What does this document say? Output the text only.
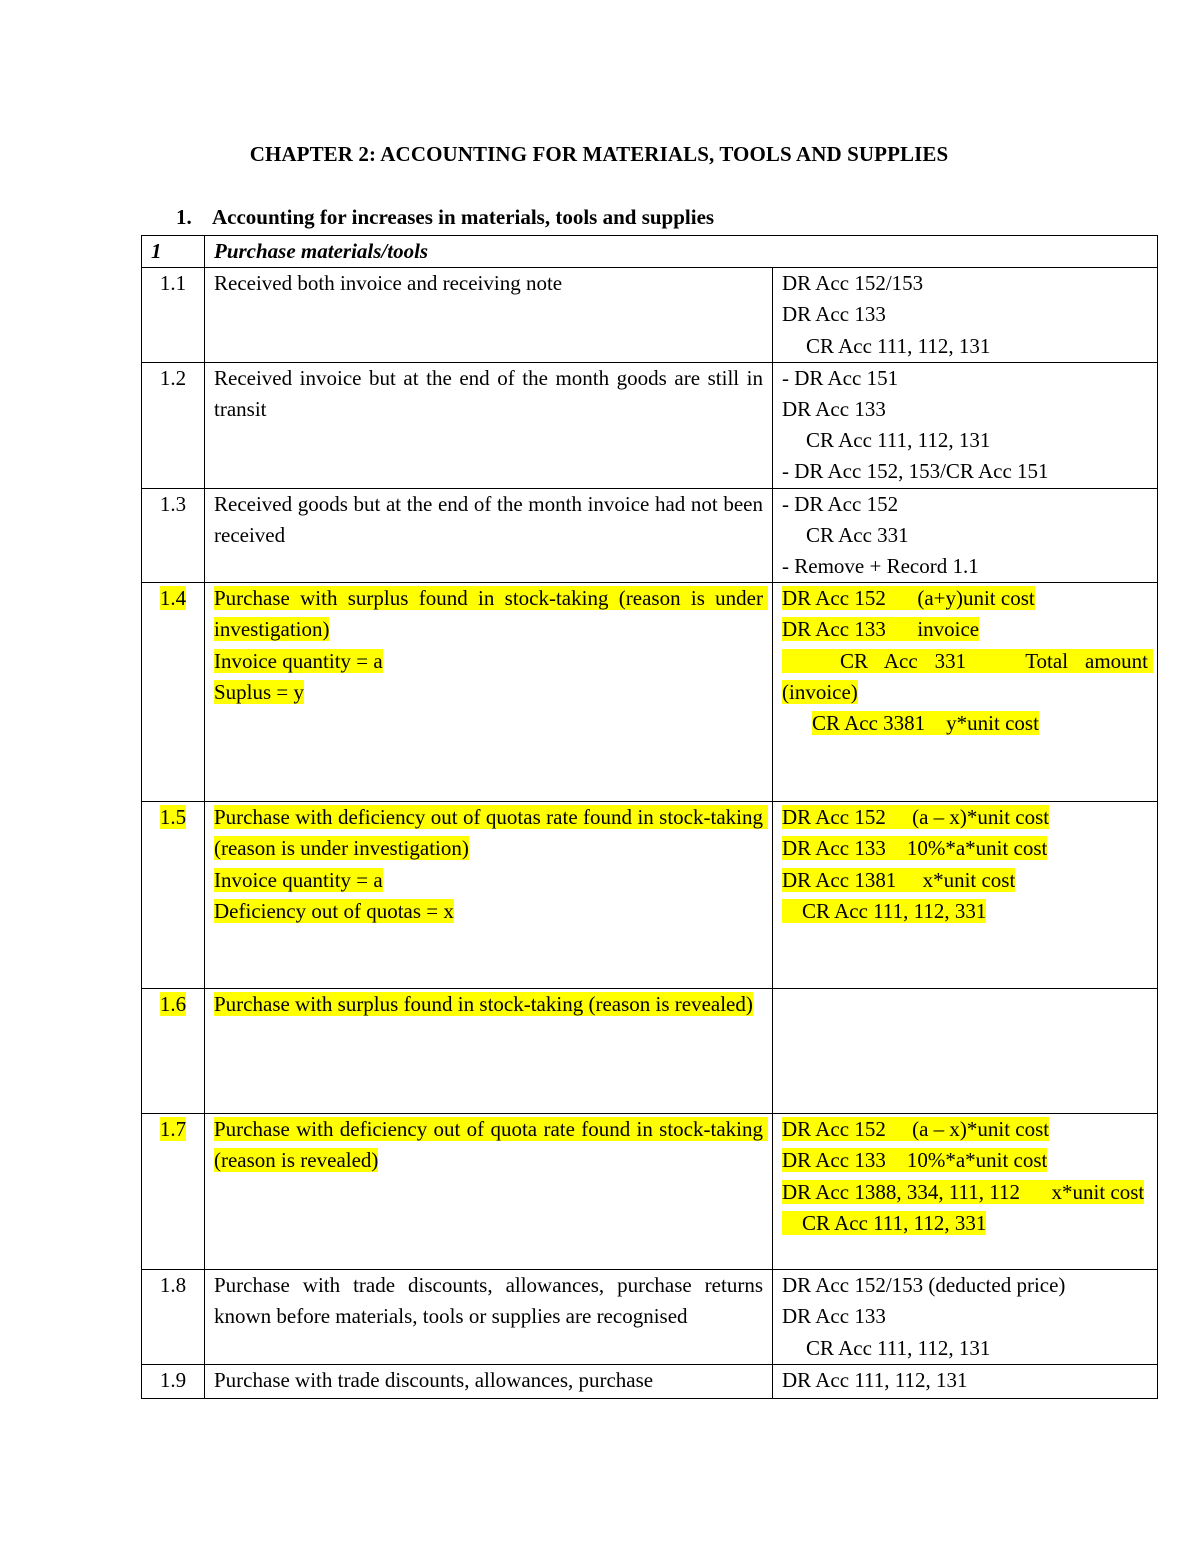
CHAPTER 2: ACCOUNTING FOR MATERIALS, TOOLS AND SUPPLIES
1. Accounting for increases in materials, tools and supplies
1	Purchase materials/tools	
1.1	Received both invoice and receiving note	DR Acc 152/153
DR Acc 133
CR Acc 111, 112, 131

1.2	Received invoice but at the end of the month goods are still in transit	- DR Acc 151
DR Acc 133
CR Acc 111, 112, 131
- DR Acc 152, 153/CR Acc 151

1.3	Received goods but at the end of the month invoice had not been received	- DR Acc 152
CR Acc 331
- Remove + Record 1.1

1.4	Purchase with surplus found in stock-taking (reason is under investigation)
Invoice quantity = a
Suplus = y	DR Acc 152      (a+y)unit cost
DR Acc 133      invoice
CR  Acc  331       Total  amount (invoice)
CR Acc 3381    y*unit cost

1.5	Purchase with deficiency out of quotas rate found in stock-taking (reason is under investigation)
Invoice quantity = a
Deficiency out of quotas = x	DR Acc 152     (a – x)*unit cost
DR Acc 133    10%*a*unit cost
DR Acc 1381     x*unit cost
CR Acc 111, 112, 331

1.6	Purchase with surplus found in stock-taking (reason is revealed)	

1.7	Purchase with deficiency out of quota rate found in stock-taking (reason is revealed)	DR Acc 152     (a – x)*unit cost
DR Acc 133    10%*a*unit cost
DR Acc 1388, 334, 111, 112      x*unit cost
CR Acc 111, 112, 331

1.8	Purchase with trade discounts, allowances, purchase returns known before materials, tools or supplies are recognised	DR Acc 152/153 (deducted price)
DR Acc 133
CR Acc 111, 112, 131

1.9	Purchase with trade discounts, allowances, purchase	DR Acc 111, 112, 131
